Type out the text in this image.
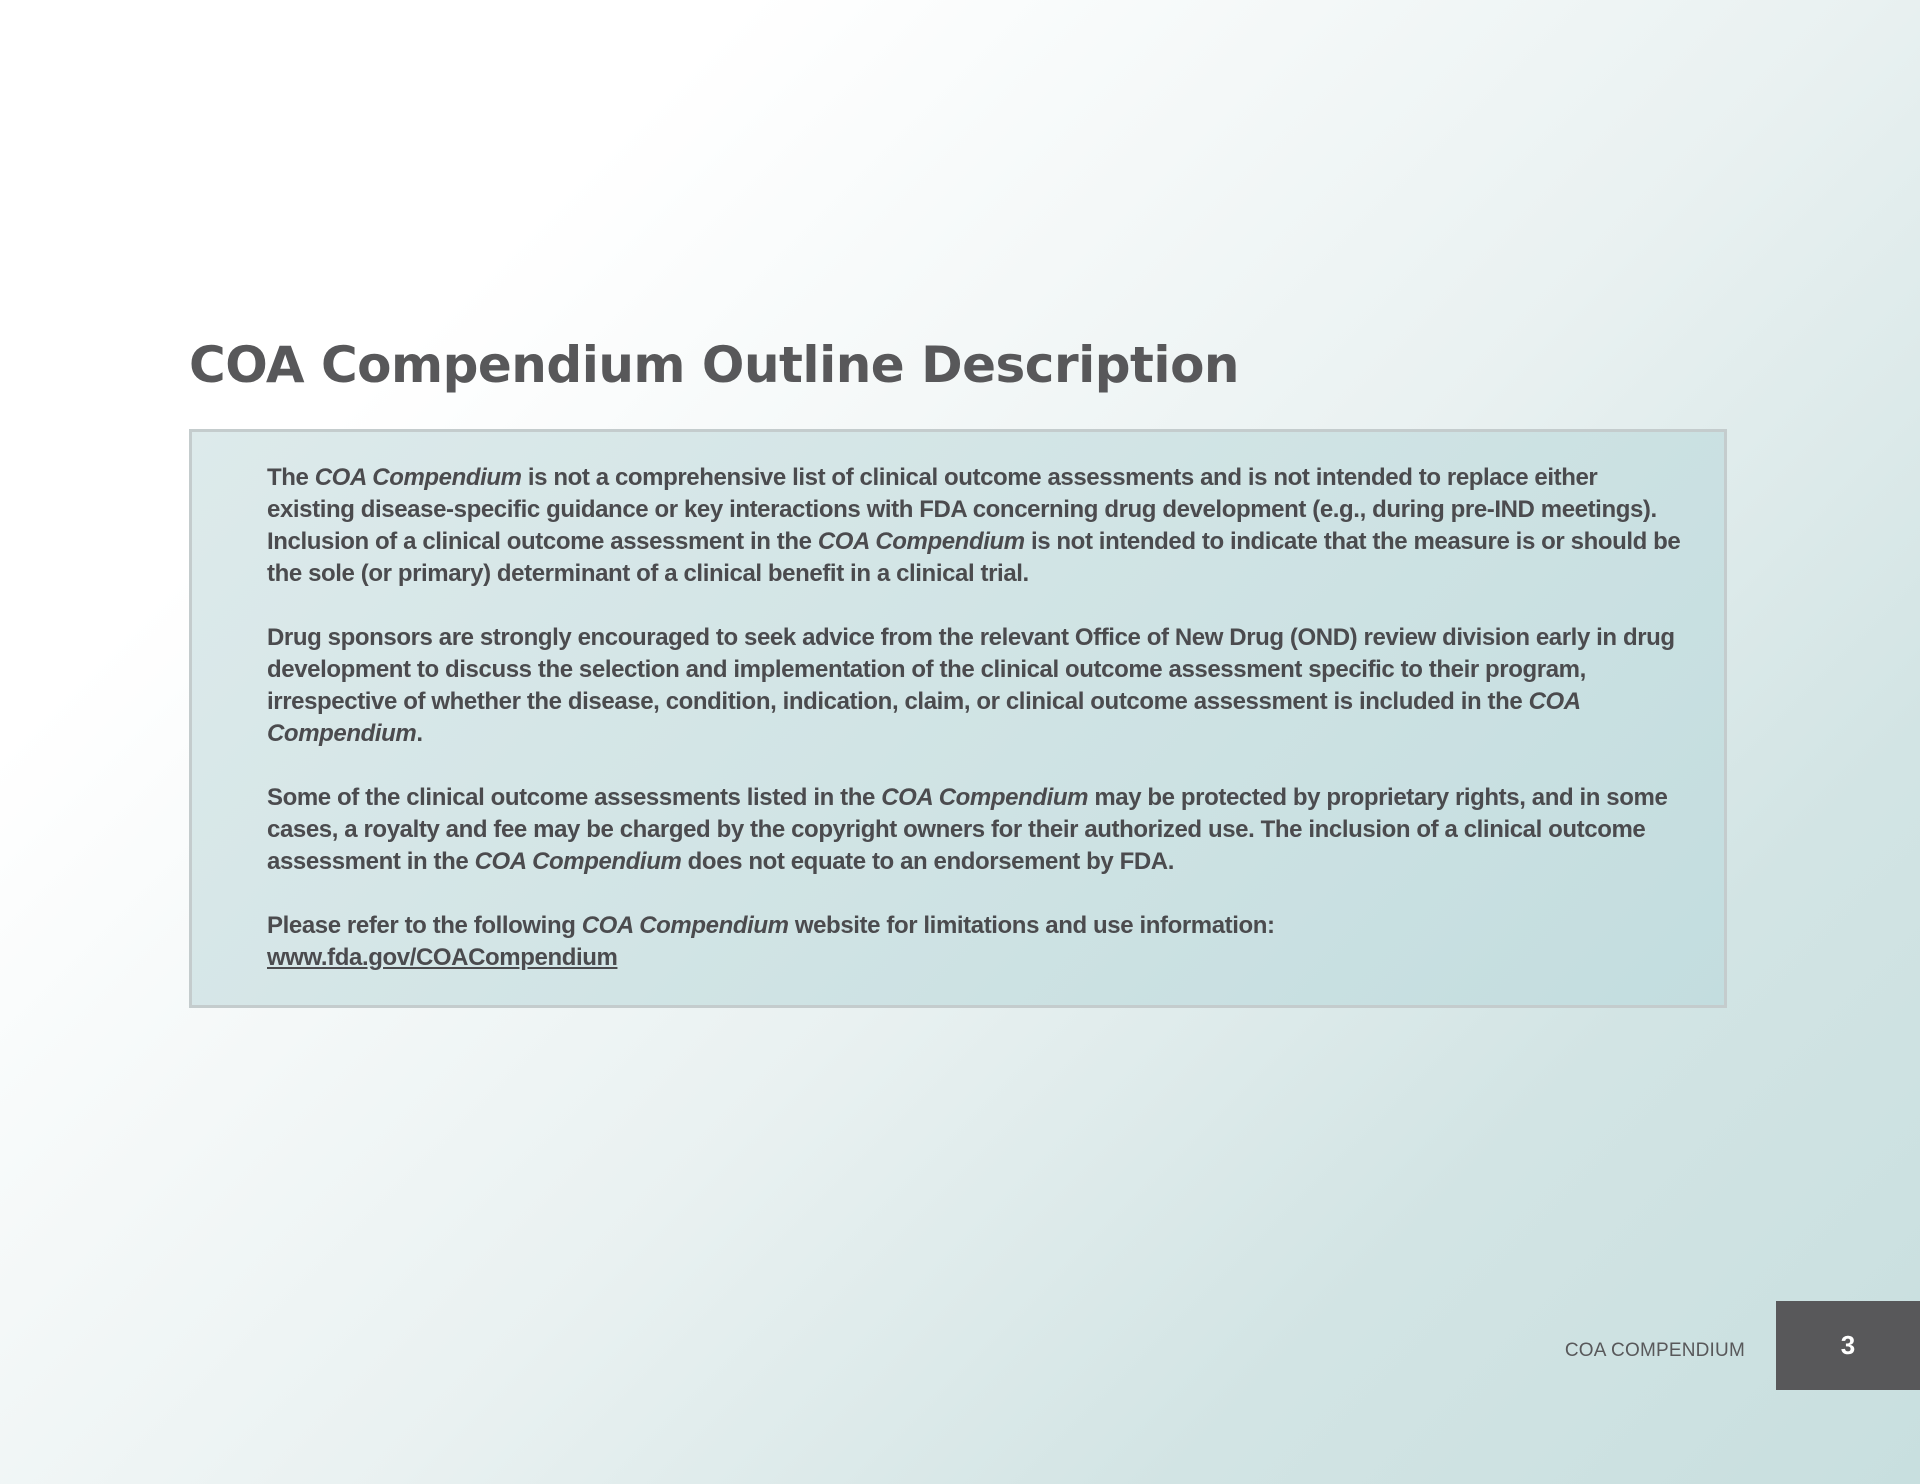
COA Compendium Outline Description

The COA Compendium is not a comprehensive list of clinical outcome assessments and is not intended to replace either existing disease-specific guidance or key interactions with FDA concerning drug development (e.g., during pre-IND meetings). Inclusion of a clinical outcome assessment in the COA Compendium is not intended to indicate that the measure is or should be the sole (or primary) determinant of a clinical benefit in a clinical trial.

Drug sponsors are strongly encouraged to seek advice from the relevant Office of New Drug (OND) review division early in drug development to discuss the selection and implementation of the clinical outcome assessment specific to their program, irrespective of whether the disease, condition, indication, claim, or clinical outcome assessment is included in the COA Compendium.

Some of the clinical outcome assessments listed in the COA Compendium may be protected by proprietary rights, and in some cases, a royalty and fee may be charged by the copyright owners for their authorized use. The inclusion of a clinical outcome assessment in the COA Compendium does not equate to an endorsement by FDA.

Please refer to the following COA Compendium website for limitations and use information:
www.fda.gov/COACompendium

COA COMPENDIUM	3
